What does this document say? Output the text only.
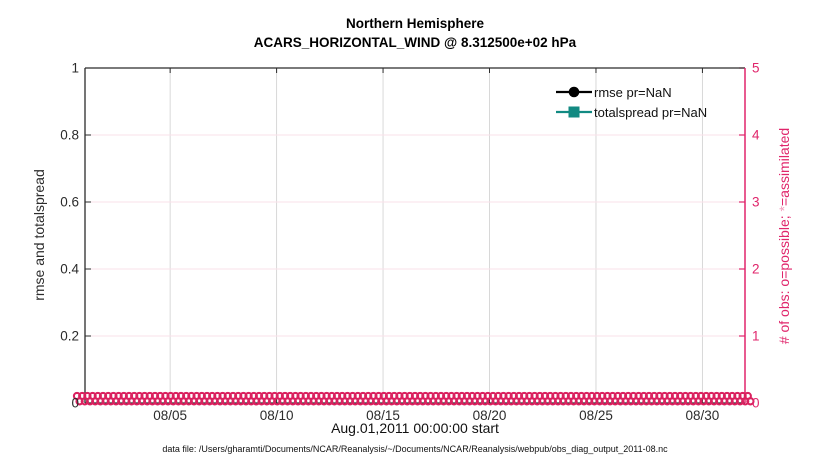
Northern Hemisphere
ACARS_HORIZONTAL_WIND @ 8.312500e+02 hPa
0
0.2
0.4
0.6
0.8
1
0
1
2
3
4
5
08/05	08/10	08/15	08/20	08/25	08/30
rmse and totalspread	# of obs: o=possible; *=assimilated
Aug.01,2011 00:00:00 start
data file: /Users/gharamti/Documents/NCAR/Reanalysis/~/Documents/NCAR/Reanalysis/webpub/obs_diag_output_2011-08.nc
rmse pr=NaN
totalspread pr=NaN
